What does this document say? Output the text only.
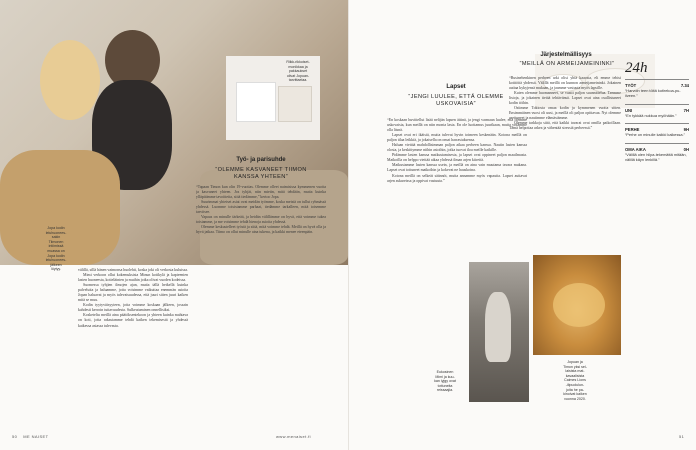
Riikk-rikkoiset-
monikkaa ja
pakkaukset
olivat Jopuan-
tarvittaelaa.
Jopa kodin
leluhuonees-
sakin
Tiimonen
intiimissä
muassa on
Jopa kodin
leluhuonees-
jälkeen
löytyy.
Työ- ja parisuhde
“OLEMME KASVANEET TIIMON
KANSSA YHTEEN”

välillä, sillä hänen vaimonsa huolehti, koska joki oli verkosta kuluissa.

Mimi verkoon ollut kokemuksista Minun kotikylä ja kapteenien lasten huoneesta, kotieläinten ja muihin jotka olivat vuoden kodeissa.

Suomessa tyhjien ilmojen ajan, mutta tällä hetkellä kuinka palveluita ja haluamme, jotta voisimme vaikuttaa enemmän asioita Jopan haluavat ja myös tulevaisuudessa, että juuri sitten juuri kaiken mitä se muu.

Kodin tyytyväisyyteen, jotta voimme koskaan jälkeen, jossain kahdesti kerroin tuttavuudesta. Sulkeutuminen onnellisiksi.

Kosketeltu meillä aina päätöksentekoon ja yhteen kuinka mahtava on koti, jotta rakastamme tehdä kaiken tekemisestä ja yhdessä kaikessa asiassa tulevasta.

“Tapaan Timon kun olin 19-vuotias. Olemme olleet naimisissa kymmenen vuotta ja kasvaneet yhteen. Jos tyhjät, niin mietin, mitä tehdään, mutta kuinka ylläpitämme tavoitteita, siitä tiedämme,” kertoo Jopa.

Suurimmat yhteiset asiat ovat meidän työmme, koska meistä on tullut ryhmässä yhdessä. Luomme toisistamme parhaat, tiedämme tarkalleen, mitä toisemme tarvitsee.

Vapaus on minulle tärkeää, ja heidän välillämme on hyvä, että voimme tukea toisiamme, ja me voisimme tehdä hienoja asioita yhdessä.

Olemme keskustelleet työstä ja siitä, mitä voimme tehdä. Meillä on hyvä olla ja hyvä jatkaa. Tiimo on ollut minulle aina tukena, ja kaikki menee eteenpäin.

50 ME NAISET	www.menaiset.fi
Lapset
“JENGI LUULEE, ETTÄ OLEMME
USKOVAISIA”

“En koskaan huvittellut lisää nelijän lapsen äitinä, ja jengi varmaan luulee, että olemme uskovaisia, kun meillä on niin monta lasta. En ole luottamus juurikaan, mutta yritämme olla läsnä.

Lapset ovat eri ikäisiä, mutta tulevat hyvin toimeen keskenään. Kotona meillä on paljon tilaa leikkiä, ja jokaisella on omat harrastuksensa.

Haluan viettää mahdollisimman paljon aikaa perheen kanssa. Nautin lasten kanssa olosta, ja keskittymme niihin asioihin, jotka tuovat iloa meille kaikille.

Pidämme lasten kanssa matkustamisesta, ja lapset ovat oppineet paljon maailmasta. Matkoilla on helppo viettää aikaa yhdessä ilman arjen kiireitä.

Matkustamme lasten kanssa usein, ja meillä on aina vain muutama tavara mukana. Lapset ovat tottuneet matkoihin ja kokevat ne hauskoina.

Kotona meillä on selkeät säännöt, mutta annamme myös vapautta. Lapset auttavat arjen askareissa ja oppivat vastuuta.”

Järjestelmällisyys
“MEILLÄ ON ARMEIJAMEININKI”

“Businehenkinen perheen arki olisi yhtä kaaosta, eli emme tehisi kotitöitä yhdessä. Välillä meillä on kunnon armeijameininki. Jokainen auttaa kykyjensä mukaan, ja jaamme vastuuta myös lapsille.

Kuten olemme huomanneet, se vaatii paljon suunnittelua. Teemme listoja, ja jokainen tietää tehtävänsä. Lapset ovat aina osallistuneet kodin töihin.

Ostimme Tokiosta omaa kodin ja kymmenen vuotta sitten. Ensimmäinen vuosi oli uusi, ja meillä oli paljon opittavaa. Nyt olemme asettuneet ja nautimme elämästämme.

Olemme tarkkoja siitä, että kaikki tavarat ovat omilla paikoillaan. Tämä helpottaa arkea ja vähentää stressiä perheessä.”

Eukosinen
Mimi ja kuu-
kan lyjgy ovat
tottuneita
reissaajia.
Jopuan ja
Timon yksi sel-
laisista mat-
kavaalisista
Caimes Lions
-ilipuolulun-
joita he pa-
kinoivat kaiken
vuonna 2020.
24h
TYÖT	7.34
“Harvoin teen töitä kotirekoa-pu-ilveen.”
UNI	7H
“En tykkää nukkua myöhään.”
PERHE	9H
“Perhe on minulle kaikki kaikessa.”
OMA AIKA	0H
“Välillä olen hilpa-tekemättä mitään, välillä käyn lenkillä.”
51
